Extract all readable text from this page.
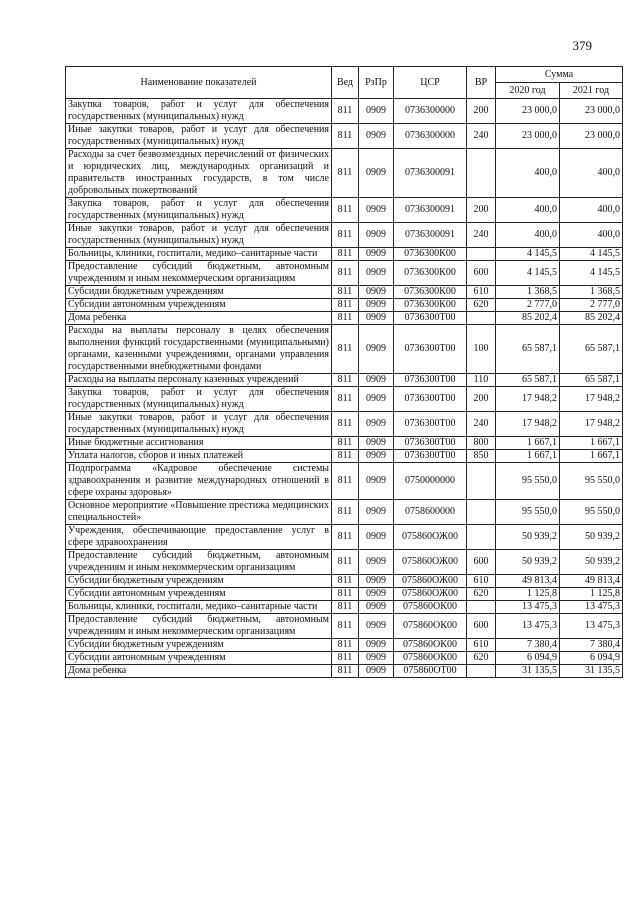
379
Наименование показателей	Вед	РзПр	ЦСР	ВР	Сумма	
					2020 год	2021 год
Закупка товаров, работ и услуг для обеспечения государственных (муниципальных) нужд	811	0909	0736300000	200	23 000,0	23 000,0
Иные закупки товаров, работ и услуг для обеспечения государственных (муниципальных) нужд	811	0909	0736300000	240	23 000,0	23 000,0
Расходы за счет безвозмездных перечислений от физических и юридических лиц, международных организаций и правительств иностранных государств, в том числе добровольных пожертвований	811	0909	0736300091		400,0	400,0
Закупка товаров, работ и услуг для обеспечения государственных (муниципальных) нужд	811	0909	0736300091	200	400,0	400,0
Иные закупки товаров, работ и услуг для обеспечения государственных (муниципальных) нужд	811	0909	0736300091	240	400,0	400,0
Больницы, клиники, госпитали, медико–санитарные части	811	0909	0736300К00		4 145,5	4 145,5
Предоставление субсидий бюджетным, автономным учреждениям и иным некоммерческим организациям	811	0909	0736300К00	600	4 145,5	4 145,5
Субсидии бюджетным учреждениям	811	0909	0736300К00	610	1 368,5	1 368,5
Субсидии автономным учреждениям	811	0909	0736300К00	620	2 777,0	2 777,0
Дома ребенка	811	0909	0736300Т00		85 202,4	85 202,4
Расходы на выплаты персоналу в целях обеспечения выполнения функций государственными (муниципальными) органами, казенными учреждениями, органами управления государственными внебюджетными фондами	811	0909	0736300Т00	100	65 587,1	65 587,1
Расходы на выплаты персоналу казенных учреждений	811	0909	0736300Т00	110	65 587,1	65 587,1
Закупка товаров, работ и услуг для обеспечения государственных (муниципальных) нужд	811	0909	0736300Т00	200	17 948,2	17 948,2
Иные закупки товаров, работ и услуг для обеспечения государственных (муниципальных) нужд	811	0909	0736300Т00	240	17 948,2	17 948,2
Иные бюджетные ассигнования	811	0909	0736300Т00	800	1 667,1	1 667,1
Уплата налогов, сборов и иных платежей	811	0909	0736300Т00	850	1 667,1	1 667,1
Подпрограмма «Кадровое обеспечение системы здравоохранения и развитие международных отношений в сфере охраны здоровья»	811	0909	0750000000		95 550,0	95 550,0
Основное мероприятие «Повышение престижа медицинских специальностей»	811	0909	0758600000		95 550,0	95 550,0
Учреждения, обеспечивающие предоставление услуг в сфере здравоохранения	811	0909	075860ОЖ00		50 939,2	50 939,2
Предоставление субсидий бюджетным, автономным учреждениям и иным некоммерческим организациям	811	0909	075860ОЖ00	600	50 939,2	50 939,2
Субсидии бюджетным учреждениям	811	0909	075860ОЖ00	610	49 813,4	49 813,4
Субсидии автономным учреждениям	811	0909	075860ОЖ00	620	1 125,8	1 125,8
Больницы, клиники, госпитали, медико–санитарные части	811	0909	075860ОК00		13 475,3	13 475,3
Предоставление субсидий бюджетным, автономным учреждениям и иным некоммерческим организациям	811	0909	075860ОК00	600	13 475,3	13 475,3
Субсидии бюджетным учреждениям	811	0909	075860ОК00	610	7 380,4	7 380,4
Субсидии автономным учреждениям	811	0909	075860ОК00	620	6 094,9	6 094,9
Дома ребенка	811	0909	075860ОТ00		31 135,5	31 135,5
